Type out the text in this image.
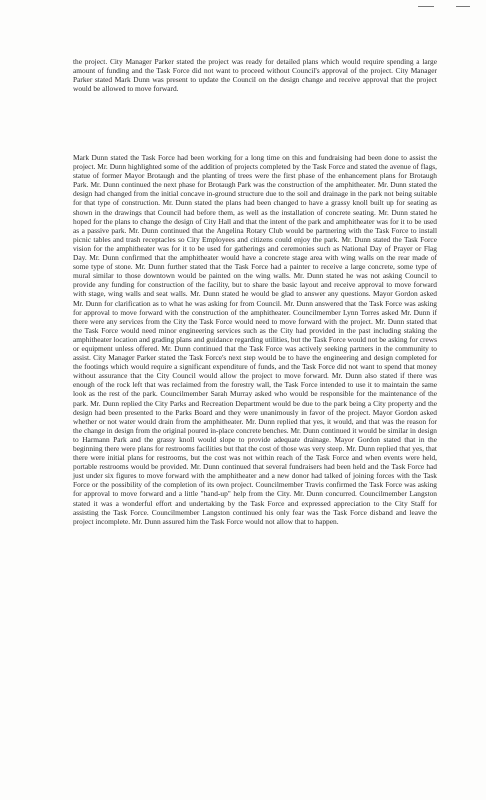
the project. City Manager Parker stated the project was ready for detailed plans which would require spending a large amount of funding and the Task Force did not want to proceed without Council's approval of the project. City Manager Parker stated Mark Dunn was present to update the Council on the design change and receive approval that the project would be allowed to move forward.

Mark Dunn stated the Task Force had been working for a long time on this and fundraising had been done to assist the project. Mr. Dunn highlighted some of the addition of projects completed by the Task Force and stated the avenue of flags, statue of former Mayor Brotaugh and the planting of trees were the first phase of the enhancement plans for Brotaugh Park. Mr. Dunn continued the next phase for Brotaugh Park was the construction of the amphitheater. Mr. Dunn stated the design had changed from the initial concave in-ground structure due to the soil and drainage in the park not being suitable for that type of construction. Mr. Dunn stated the plans had been changed to have a grassy knoll built up for seating as shown in the drawings that Council had before them, as well as the installation of concrete seating. Mr. Dunn stated he hoped for the plans to change the design of City Hall and that the intent of the park and amphitheater was for it to be used as a passive park. Mr. Dunn continued that the Angelina Rotary Club would be partnering with the Task Force to install picnic tables and trash receptacles so City Employees and citizens could enjoy the park. Mr. Dunn stated the Task Force vision for the amphitheater was for it to be used for gatherings and ceremonies such as National Day of Prayer or Flag Day. Mr. Dunn confirmed that the amphitheater would have a concrete stage area with wing walls on the rear made of some type of stone. Mr. Dunn further stated that the Task Force had a painter to receive a large concrete, some type of mural similar to those downtown would be painted on the wing walls. Mr. Dunn stated he was not asking Council to provide any funding for construction of the facility, but to share the basic layout and receive approval to move forward with stage, wing walls and seat walls. Mr. Dunn stated he would be glad to answer any questions. Mayor Gordon asked Mr. Dunn for clarification as to what he was asking for from Council. Mr. Dunn answered that the Task Force was asking for approval to move forward with the construction of the amphitheater. Councilmember Lynn Torres asked Mr. Dunn if there were any services from the City the Task Force would need to move forward with the project. Mr. Dunn stated that the Task Force would need minor engineering services such as the City had provided in the past including staking the amphitheater location and grading plans and guidance regarding utilities, but the Task Force would not be asking for crews or equipment unless offered. Mr. Dunn continued that the Task Force was actively seeking partners in the community to assist. City Manager Parker stated the Task Force's next step would be to have the engineering and design completed for the footings which would require a significant expenditure of funds, and the Task Force did not want to spend that money without assurance that the City Council would allow the project to move forward. Mr. Dunn also stated if there was enough of the rock left that was reclaimed from the forestry wall, the Task Force intended to use it to maintain the same look as the rest of the park. Councilmember Sarah Murray asked who would be responsible for the maintenance of the park. Mr. Dunn replied the City Parks and Recreation Department would be due to the park being a City property and the design had been presented to the Parks Board and they were unanimously in favor of the project. Mayor Gordon asked whether or not water would drain from the amphitheater. Mr. Dunn replied that yes, it would, and that was the reason for the change in design from the original poured in-place concrete benches. Mr. Dunn continued it would be similar in design to Harmann Park and the grassy knoll would slope to provide adequate drainage. Mayor Gordon stated that in the beginning there were plans for restrooms facilities but that the cost of those was very steep. Mr. Dunn replied that yes, that there were initial plans for restrooms, but the cost was not within reach of the Task Force and when events were held, portable restrooms would be provided. Mr. Dunn continued that several fundraisers had been held and the Task Force had just under six figures to move forward with the amphitheater and a new donor had talked of joining forces with the Task Force or the possibility of the completion of its own project. Councilmember Travis confirmed the Task Force was asking for approval to move forward and a little "hand-up" help from the City. Mr. Dunn concurred. Councilmember Langston stated it was a wonderful effort and undertaking by the Task Force and expressed appreciation to the City Staff for assisting the Task Force. Councilmember Langston continued his only fear was the Task Force disband and leave the project incomplete. Mr. Dunn assured him the Task Force would not allow that to happen.
